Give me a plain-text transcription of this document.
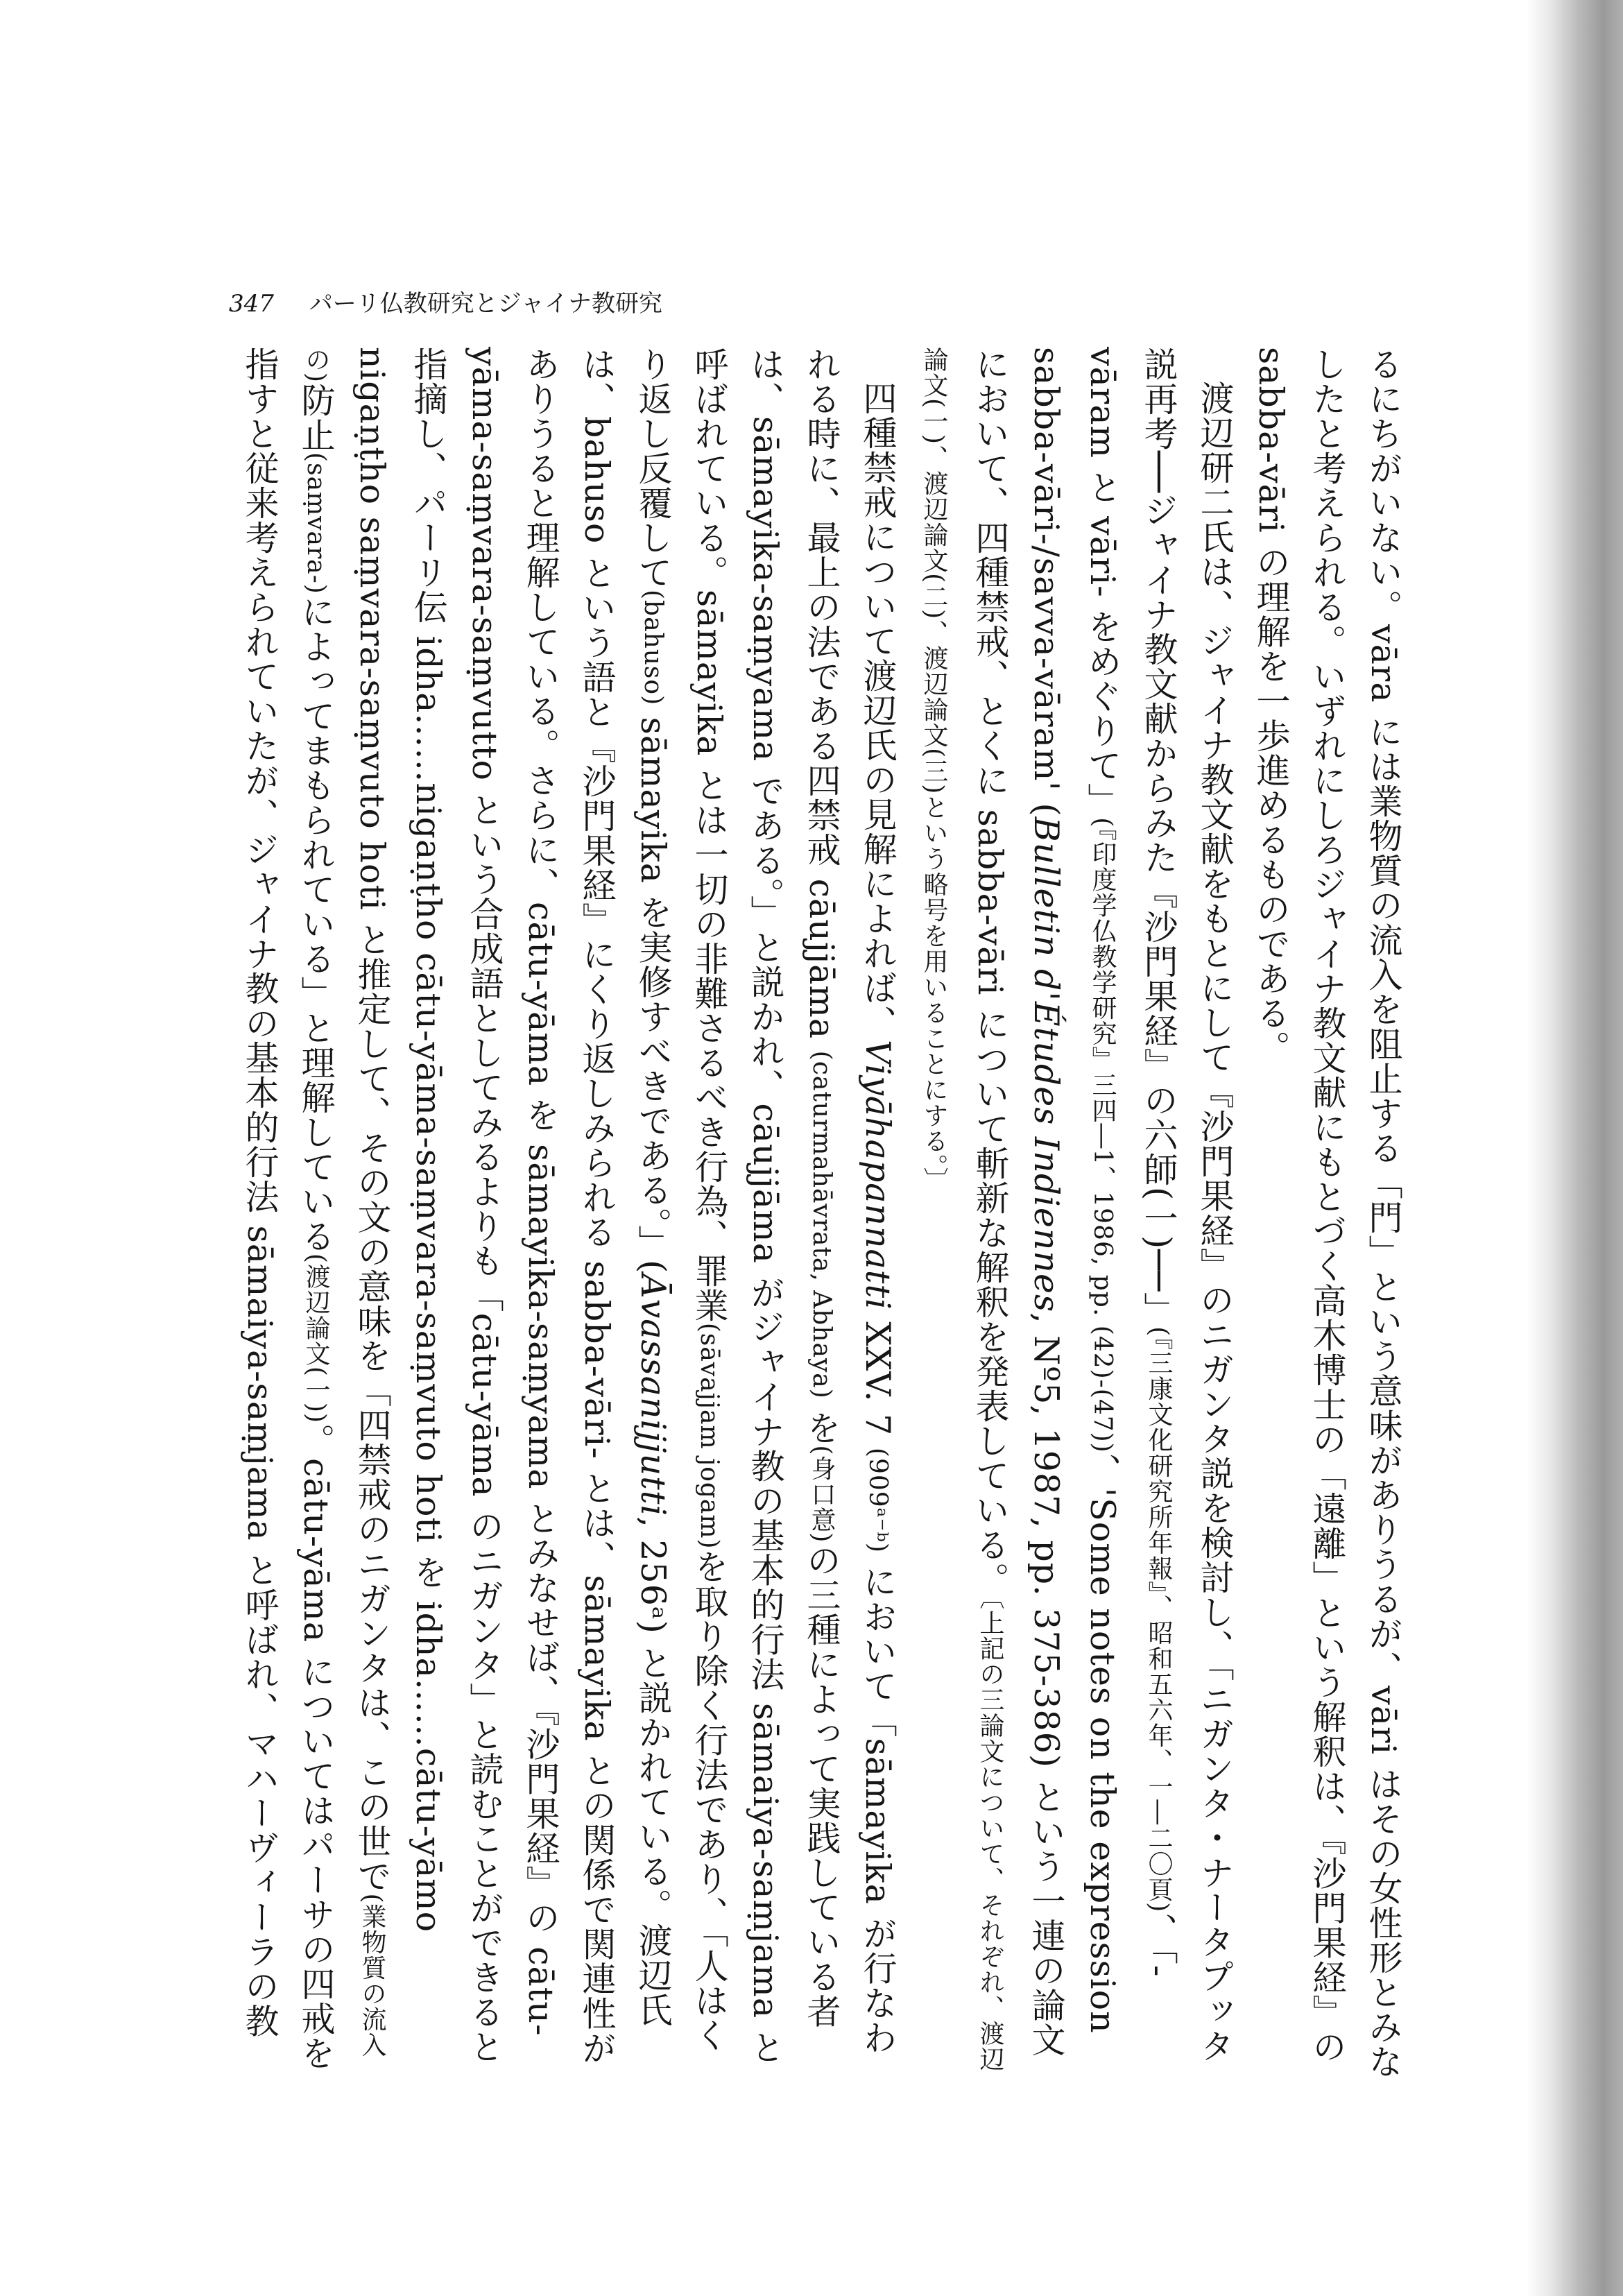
347 パーリ仏教研究とジャイナ教研究

るにちがいない。vāra には業物質の流入を阻止する「門」という意味がありうるが、vāri はその女性形とみなしたと考えられる。いずれにしろジャイナ教文献にもとづく高木博士の「遠離」という解釈は、『沙門果経』の sabba-vāri の理解を一歩進めるものである。

渡辺研二氏は、ジャイナ教文献をもとにして『沙門果経』のニガンタ説を検討し、「ニガンタ・ナータプッタ説再考──ジャイナ教文献からみた『沙門果経』の六師(一)──」(『三康文化研究所年報』、昭和五六年、一―二〇頁)、「-vāram と vāri- をめぐりて」(『印度学仏教学研究』三四―1、1986, pp. (42)-(47))、'Some notes on the expression sabba-vāri-/savva-vāram' (Bulletin d'Études Indiennes, Nº5, 1987, pp. 375-386) という一連の論文において、四種禁戒、とくに sabba-vāri について斬新な解釈を発表している。〔上記の三論文について、それぞれ、渡辺論文(一)、渡辺論文(二)、渡辺論文(三)という略号を用いることにする。〕

四種禁戒について渡辺氏の見解によれば、Viyāhapannatti XXV. 7 (909ᵃ⁻ᵇ) において「sāmayika が行なわれる時に、最上の法である四禁戒 cāujjāma (caturmahāvrata, Abhaya) を(身口意)の三種によって実践している者は、sāmayika-saṃyama である。」と説かれ、cāujjāma がジャイナ教の基本的行法 sāmaiya-saṃjama と呼ばれている。sāmayika とは一切の非難さるべき行為、罪業(sāvajjam jogam)を取り除く行法であり、「人はくり返し反覆して(bahuso) sāmayika を実修すべきである。」(Āvassanijjutti, 256ᵃ) と説かれている。渡辺氏は、bahuso という語と『沙門果経』にくり返しみられる sabba-vāri- とは、sāmayika との関係で関連性がありうると理解している。さらに、cātu-yāma を sāmayika-saṃyama とみなせば、『沙門果経』の cātu-yāma-saṃvara-saṃvutto という合成語としてみるよりも「cātu-yāma のニガンタ」と読むことができると指摘し、パーリ伝 idha……nigaṇṭho cātu-yāma-saṃvara-saṃvuto hoti を idha……cātu-yāmo nigaṇṭho saṃvara-saṃvuto hoti と推定して、その文の意味を「四禁戒のニガンタは、この世で(業物質の流入の)防止(saṃvara-)によってまもられている」と理解している(渡辺論文(一))。cātu-yāma についてはパーサの四戒を指すと従来考えられていたが、ジャイナ教の基本的行法 sāmaiya-saṃjama と呼ばれ、マハーヴィーラの教
